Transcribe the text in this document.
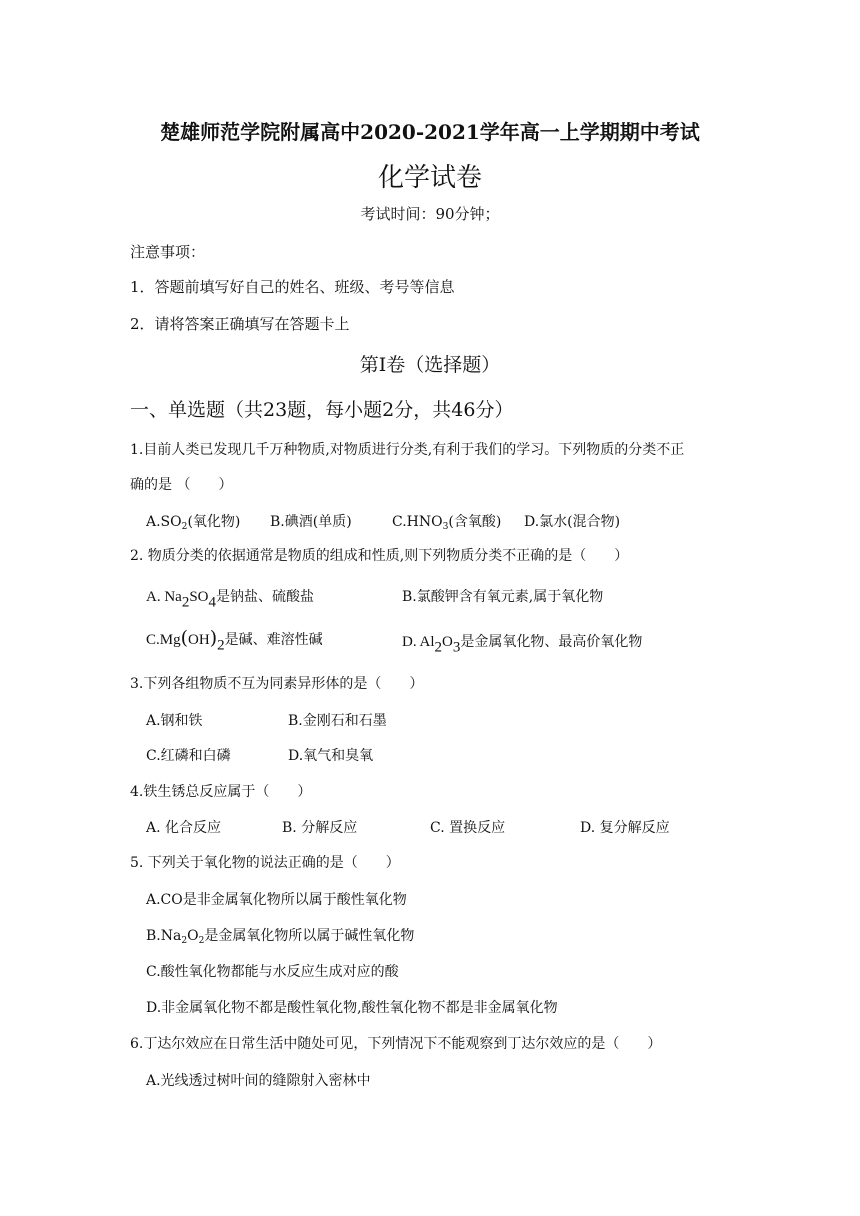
楚雄师范学院附属高中2020-2021学年高一上学期期中考试
化学试卷
考试时间：90分钟；
注意事项：
1．答题前填写好自己的姓名、班级、考号等信息
2．请将答案正确填写在答题卡上
第I卷（选择题）
一、单选题（共23题，每小题2分，共46分）
1.目前人类已发现几千万种物质,对物质进行分类,有利于我们的学习。下列物质的分类不正
确的是 （　　）
$A.SO_2$(氧化物) B.碘酒(单质)	$C.HNO_3$(含氧酸) D.氯水(混合物)
2. 物质分类的依据通常是物质的组成和性质,则下列物质分类不正确的是（　　）
A. Na2SO4是钠盐、硫酸盐	B.氯酸钾含有氧元素,属于氧化物
C.Mg(OH)2是碱、难溶性碱	D. Al2O3是金属氧化物、最高价氧化物
3.下列各组物质不互为同素异形体的是（　　）
A.钢和铁	B.金刚石和石墨
C.红磷和白磷	D.氧气和臭氧
4.铁生锈总反应属于（　　）
A. 化合反应	B. 分解反应	C. 置换反应	D. 复分解反应
5. 下列关于氧化物的说法正确的是（　　）
A.CO是非金属氧化物所以属于酸性氧化物
$B.Na_2O_2$是金属氧化物所以属于碱性氧化物
C.酸性氧化物都能与水反应生成对应的酸
D.非金属氧化物不都是酸性氧化物,酸性氧化物不都是非金属氧化物
6.丁达尔效应在日常生活中随处可见，下列情况下不能观察到丁达尔效应的是（　　）
A.光线透过树叶间的缝隙射入密林中
